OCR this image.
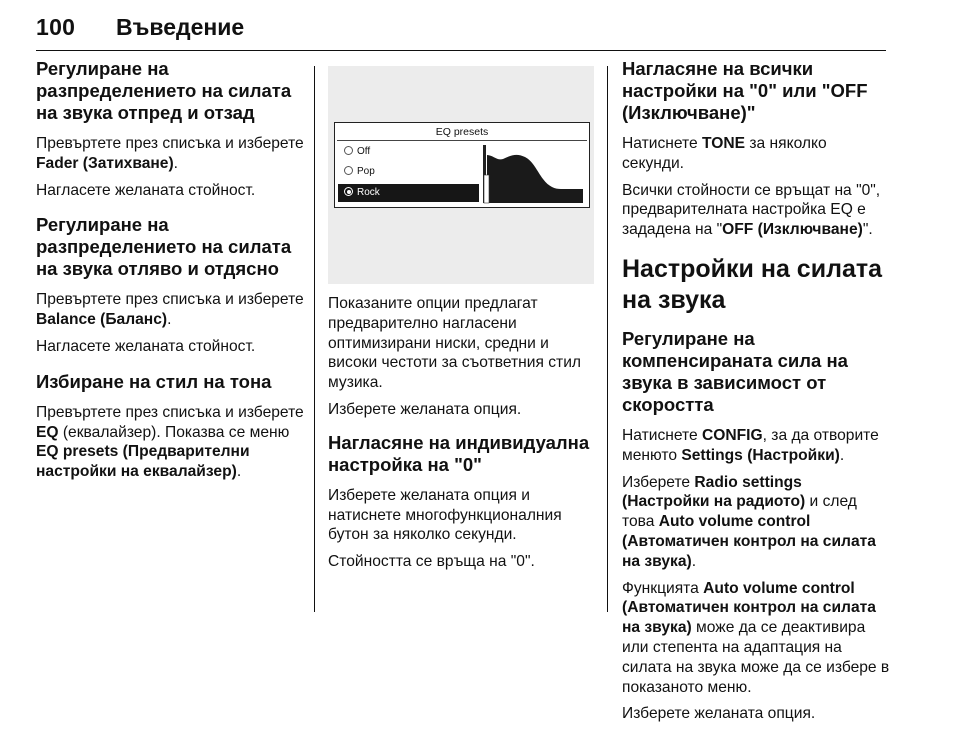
100 Въведение
Регулиране на разпределението на силата на звука отпред и отзад

Превъртете през списъка и изберете Fader (Затихване).

Нагласете желаната стойност.

Регулиране на разпределението на силата на звука отляво и отдясно

Превъртете през списъка и изберете Balance (Баланс).

Нагласете желаната стойност.

Избиране на стил на тона

Превъртете през списъка и изберете EQ (еквалайзер). Показва се меню EQ presets (Предварителни настройки на еквалайзер).

EQ presets
Off
Pop
Rock

Показаните опции предлагат предварително нагласени оптимизирани ниски, средни и високи честоти за съответния стил музика.

Изберете желаната опция.

Нагласяне на индивидуална настройка на "0"

Изберете желаната опция и натиснете многофункционалния бутон за няколко секунди.

Стойността се връща на "0".

Нагласяне на всички настройки на "0" или "OFF (Изключване)"

Натиснете TONE за няколко секунди.

Всички стойности се връщат на "0", предварителната настройка EQ е зададена на "OFF (Изключване)".

Настройки на силата на звука
Регулиране на компенсираната сила на звука в зависимост от скоростта

Натиснете CONFIG, за да отворите менюто Settings (Настройки).

Изберете Radio settings (Настройки на радиото) и след това Auto volume control (Автоматичен контрол на силата на звука).

Функцията Auto volume control (Автоматичен контрол на силата на звука) може да се деактивира или степента на адаптация на силата на звука може да се избере в показаното меню.

Изберете желаната опция.
